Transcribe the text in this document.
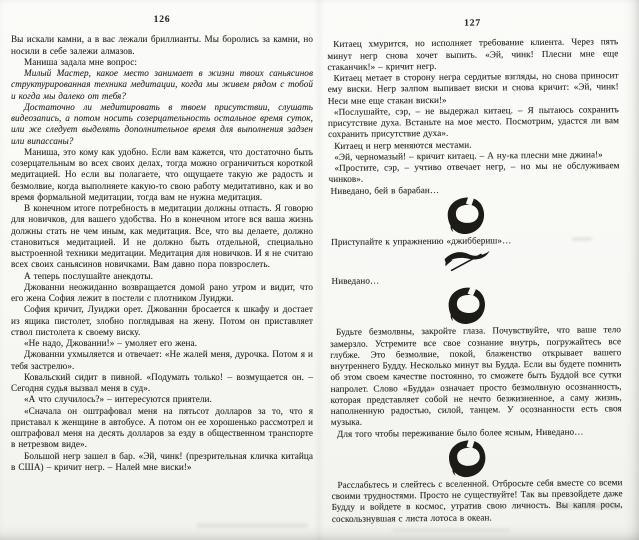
126

Вы искали камни, а в вас лежали бриллианты. Мы боролись за камни, но носили в себе залежи алмазов.

Маниша задала мне вопрос:

Милый Мастер, какое место занимает в жизни твоих саньясинов структурированная техника медитации, когда мы живем рядом с тобой и когда мы далеко от тебя?

Достаточно ли медитировать в твоем присутствии, слушать видеозапись, а потом носить созерцательность остальное время суток, или же следует выделять дополнительное время для выполнения задзен или випассаны?

Маниша, это кому как удобно. Если вам кажется, что достаточно быть созерцательным во всех своих делах, тогда можно ограничиться короткой медитацией. Но если вы полагаете, что ощущаете такую же радость и безмолвие, когда выполняете какую-то свою работу медитативно, как и во время формальной медитации, тогда вам не нужна медитация.

В конечном итоге потребность в медитации должны отпасть. Я говорю для новичков, для вашего удобства. Но в конечном итоге вся ваша жизнь должны стать не чем иным, как медитация. Все, что вы делаете, должно становиться медитацией. И не должно быть отдельной, специально выстроенной техники медитации. Медитация для новичков. И я не считаю всех своих саньясинов новичками. Вам давно пора повзрослеть.

А теперь послушайте анекдоты.

Джованни неожиданно возвращается домой рано утром и видит, что его жена София лежит в постели с плотником Луиджи.

София кричит, Луиджи орет. Джованни бросается к шкафу и достает из ящика пистолет, злобно поглядывая на жену. Потом он приставляет ствол пистолета к своему виску.

«Не надо, Джованни!» – умоляет его жена.

Джованни ухмыляется и отвечает: «Не жалей меня, дурочка. Потом я и тебя застрелю».

Ковальский сидит в пивной. «Подумать только! – возмущается он. – Сегодня судья вызвал меня в суд».

«А что случилось?» – интересуются приятели.

«Сначала он оштрафовал меня на пятьсот долларов за то, что я приставал к женщине в автобусе. А потом он ее хорошенько рассмотрел и оштрафовал меня на десять долларов за езду в общественном транспорте в нетрезвом виде».

Большой негр зашел в бар. «Эй, чинк! (презрительная кличка китайца в США) – кричит негр. – Налей мне виски!»

127

Китаец хмурится, но исполняет требование клиента. Через пять минут негр снова хочет выпить. «Эй, чинк! Плесни мне еще стаканчик!» – кричит негр.

Китаец метает в сторону негра сердитые взгляды, но снова приносит ему виски. Негр залпом выпивает виски и снова кричит: «Эй, чинк! Неси мне еще стакан виски!»

«Послушайте, сэр, – не выдержал китаец. – Я пытаюсь сохранить присутствие духа. Встаньте на мое место. Посмотрим, удастся ли вам сохранить присутствие духа».

Китаец и негр меняются местами.

«Эй, черномазый! – кричит китаец. – А ну-ка плесни мне джина!»

«Простите, сэр, – учтиво отвечает негр, – но мы не обслуживаем чинков».

Ниведано, бей в барабан…

Приступайте к упражнению «джиббериш»…

Ниведано…

Будьте безмолвны, закройте глаза. Почувствуйте, что ваше тело замерзло. Устремите все свое сознание внутрь, погружайтесь все глубже. Это безмолвие, покой, блаженство открывает вашего внутреннего Будду. Несколько минут вы Будда. Если вы будете помнить об этом своем качестве постоянно, то сможете быть Буддой все сутки напролет. Слово «Будда» означает просто безмолвную осознанность, которая представляет собой не нечто безжизненное, а саму жизнь, наполненную радостью, силой, танцем. У осознанности есть своя музыка.

Для того чтобы переживание было более ясным, Ниведано…

Расслабьтесь и слейтесь с вселенной. Отбросьте себя вместе со всеми своими трудностями. Просто не существуйте! Так вы превзойдете даже Будду и войдете в космос, утратив свою личность. Вы капля росы, соскользнувшая с листа лотоса в океан.
